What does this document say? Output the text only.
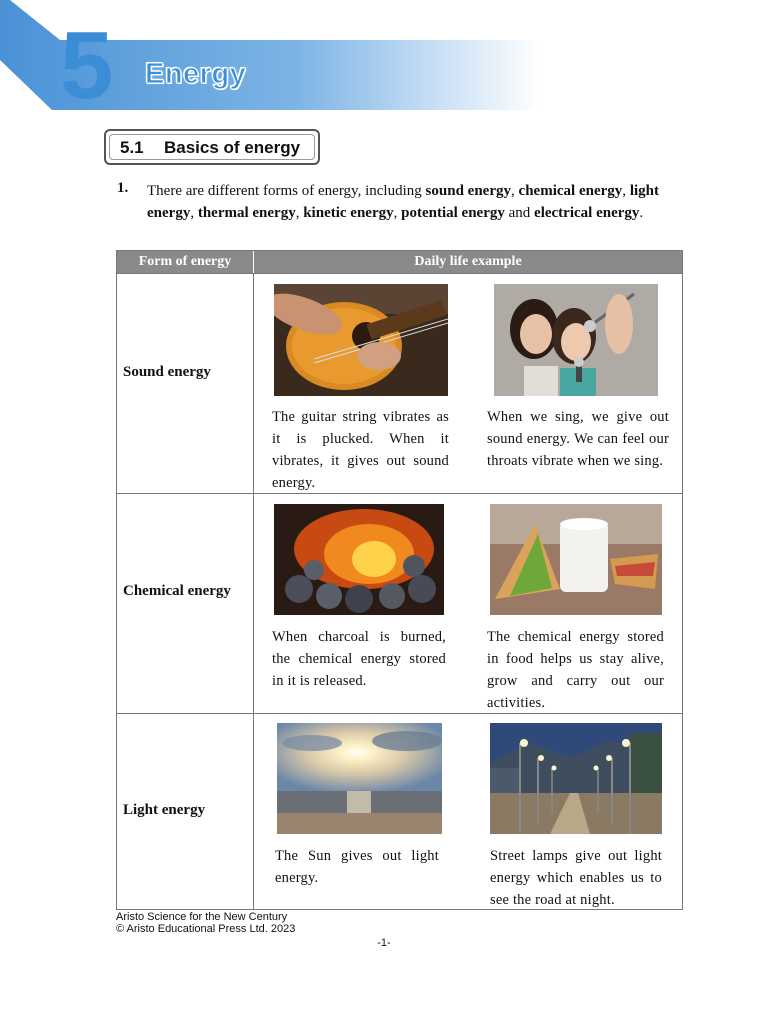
5 Energy
5.1 Basics of energy
1. There are different forms of energy, including sound energy, chemical energy, light energy, thermal energy, kinetic energy, potential energy and electrical energy.
Form of energy	Daily life example
Sound energy
The guitar string vibrates as it is plucked. When it vibrates, it gives out sound energy.
When we sing, we give out sound energy. We can feel our throats vibrate when we sing.
Chemical energy
When charcoal is burned, the chemical energy stored in it is released.
The chemical energy stored in food helps us stay alive, grow and carry out our activities.
Light energy
The Sun gives out light energy.
Street lamps give out light energy which enables us to see the road at night.
Aristo Science for the New Century
© Aristo Educational Press Ltd. 2023
-1-
